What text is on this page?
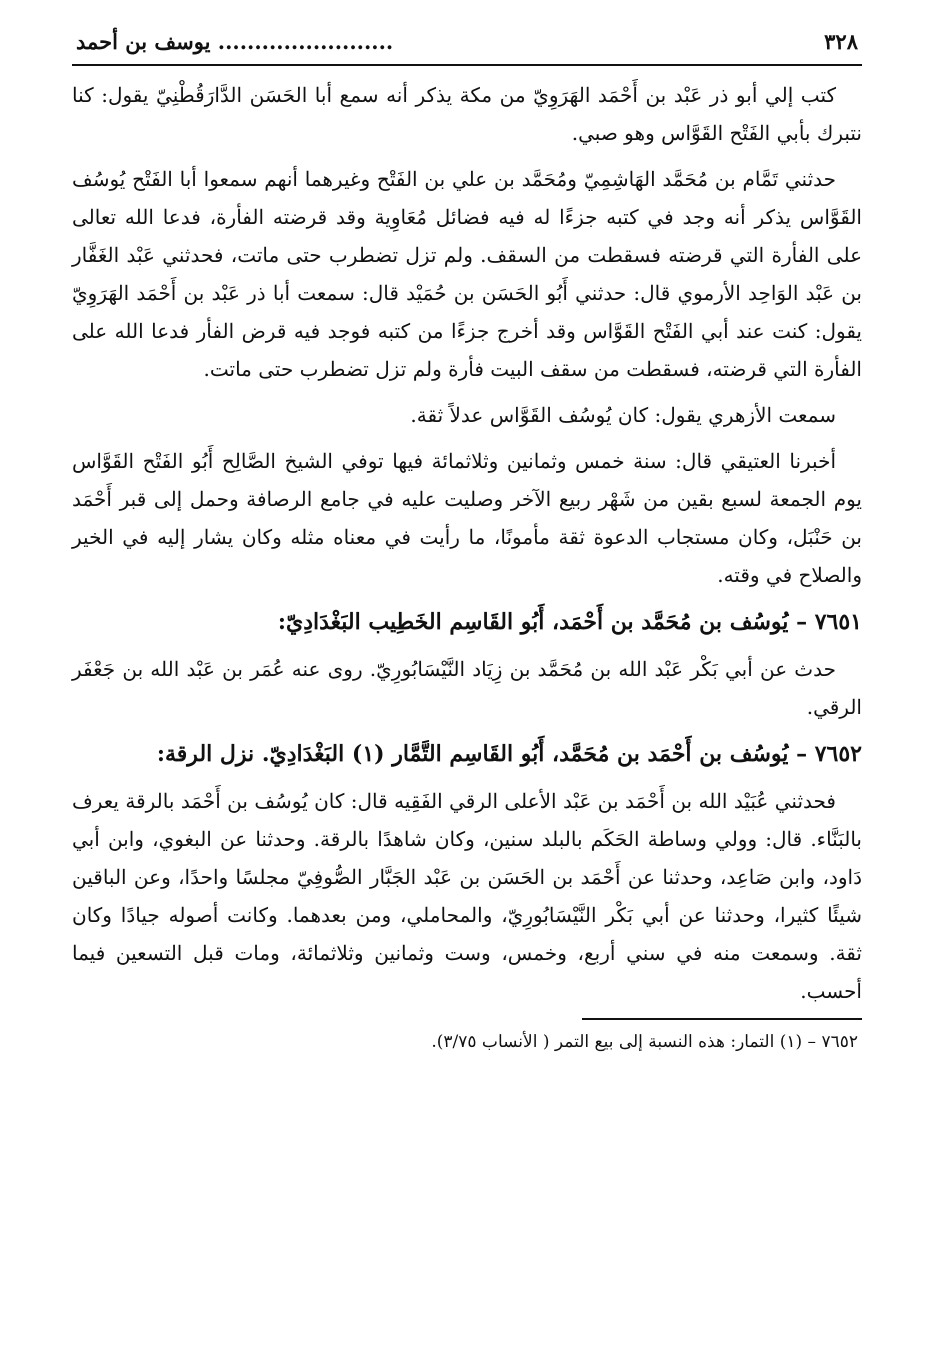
٣٢٨
........................ يوسف بن أحمد

كتب إلي أبو ذر عَبْد بن أَحْمَد الهَرَوِيّ من مكة يذكر أنه سمع أبا الحَسَن الدَّارَقُطْنِيّ يقول: كنا نتبرك بأبي الفَتْح القَوَّاس وهو صبي.

حدثني تَمَّام بن مُحَمَّد الهَاشِمِيّ ومُحَمَّد بن علي بن الفَتْح وغيرهما أنهم سمعوا أبا الفَتْح يُوسُف القَوَّاس يذكر أنه وجد في كتبه جزءًا له فيه فضائل مُعَاوِية وقد قرضته الفأرة، فدعا الله تعالى على الفأرة التي قرضته فسقطت من السقف. ولم تزل تضطرب حتى ماتت، فحدثني عَبْد الغَفَّار بن عَبْد الوَاحِد الأرموي قال: حدثني أَبُو الحَسَن بن حُمَيْد قال: سمعت أبا ذر عَبْد بن أَحْمَد الهَرَوِيّ يقول: كنت عند أبي الفَتْح القَوَّاس وقد أخرج جزءًا من كتبه فوجد فيه قرض الفأر فدعا الله على الفأرة التي قرضته، فسقطت من سقف البيت فأرة ولم تزل تضطرب حتى ماتت.

سمعت الأزهري يقول: كان يُوسُف القَوَّاس عدلاً ثقة.

أخبرنا العتيقي قال: سنة خمس وثمانين وثلاثمائة فيها توفي الشيخ الصَّالِح أَبُو الفَتْح القَوَّاس يوم الجمعة لسبع بقين من شَهْر ربيع الآخر وصليت عليه في جامع الرصافة وحمل إلى قبر أَحْمَد بن حَنْبَل، وكان مستجاب الدعوة ثقة مأمونًا، ما رأيت في معناه مثله وكان يشار إليه في الخير والصلاح في وقته.

٧٦٥١ – يُوسُف بن مُحَمَّد بن أَحْمَد، أَبُو القَاسِم الخَطِيب البَغْدَادِيّ:

حدث عن أبي بَكْر عَبْد الله بن مُحَمَّد بن زِيَاد النَّيْسَابُورِيّ. روى عنه عُمَر بن عَبْد الله بن جَعْفَر الرقي.

٧٦٥٢ – يُوسُف بن أَحْمَد بن مُحَمَّد، أَبُو القَاسِم التَّمَّار (١) البَغْدَادِيّ. نزل الرقة:

فحدثني عُبَيْد الله بن أَحْمَد بن عَبْد الأعلى الرقي الفَقِيه قال: كان يُوسُف بن أَحْمَد بالرقة يعرف بالبَنَّاء. قال: وولي وساطة الحَكَم بالبلد سنين، وكان شاهدًا بالرقة. وحدثنا عن البغوي، وابن أبي دَاود، وابن صَاعِد، وحدثنا عن أَحْمَد بن الحَسَن بن عَبْد الجَبَّار الصُّوفِيّ مجلسًا واحدًا، وعن الباقين شيئًا كثيرا، وحدثنا عن أبي بَكْر النَّيْسَابُورِيّ، والمحاملي، ومن بعدهما. وكانت أصوله جيادًا وكان ثقة. وسمعت منه في سني أربع، وخمس، وست وثمانين وثلاثمائة، ومات قبل التسعين فيما أحسب.

٧٦٥٢ – (١) التمار: هذه النسبة إلى بيع التمر ( الأنساب ٣/٧٥).
